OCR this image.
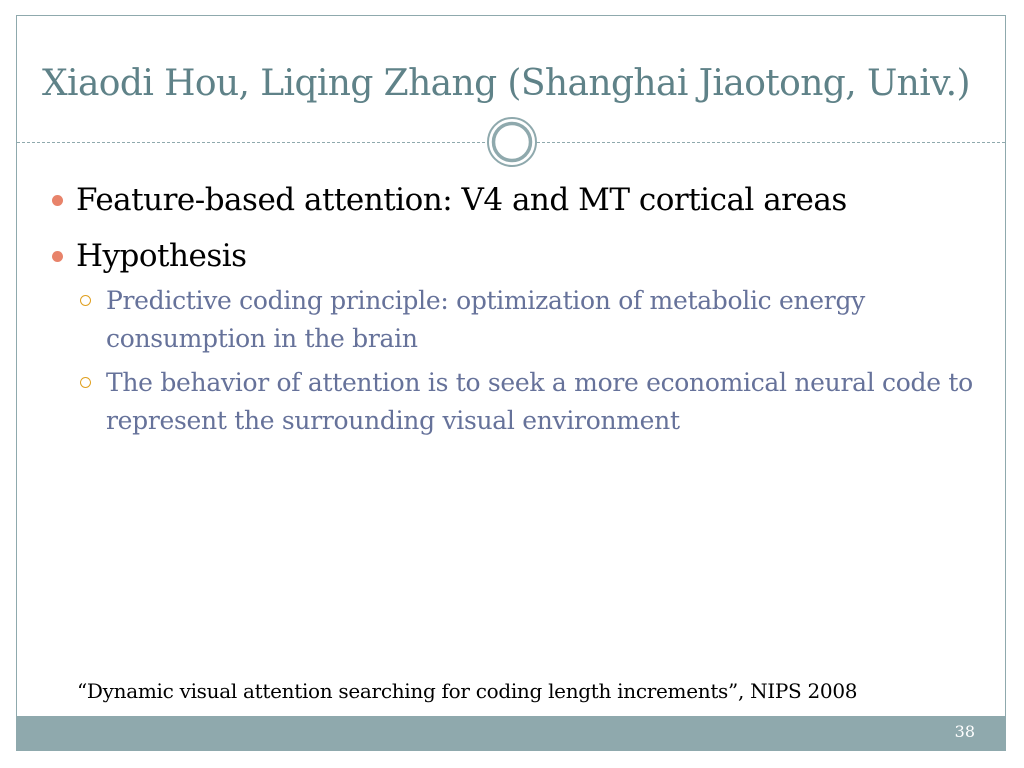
Xiaodi Hou, Liqing Zhang (Shanghai Jiaotong, Univ.)
Feature-based attention: V4 and MT cortical areas
Hypothesis
Predictive coding principle: optimization of metabolic energy consumption in the brain
The behavior of attention is to seek a more economical neural code to represent the surrounding visual environment
“Dynamic visual attention searching for coding length increments”, NIPS 2008
38
